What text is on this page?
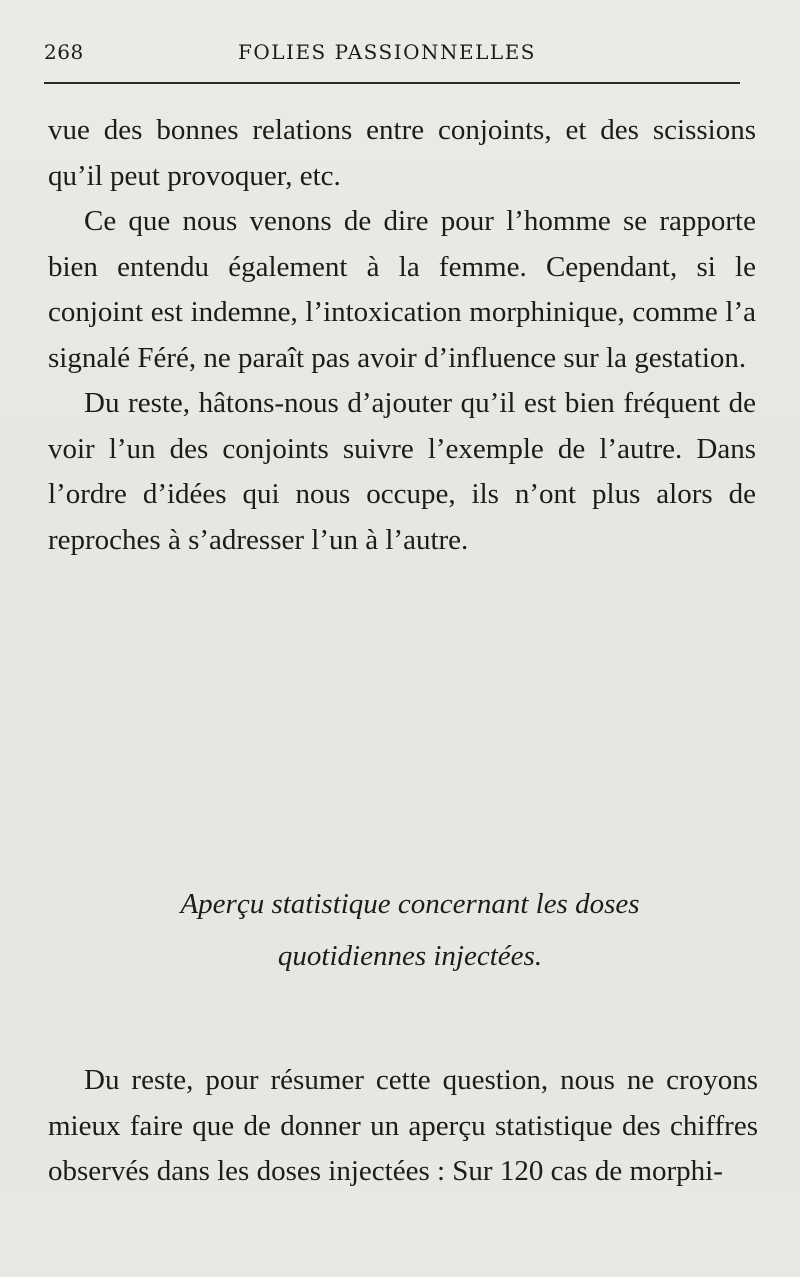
268	FOLIES PASSIONNELLES

vue des bonnes relations entre conjoints, et des scissions qu’il peut provoquer, etc.

Ce que nous venons de dire pour l’homme se rapporte bien entendu également à la femme. Cependant, si le conjoint est indemne, l’intoxication morphinique, comme l’a signalé Féré, ne paraît pas avoir d’influence sur la gestation.

Du reste, hâtons-nous d’ajouter qu’il est bien fréquent de voir l’un des conjoints suivre l’exemple de l’autre. Dans l’ordre d’idées qui nous occupe, ils n’ont plus alors de reproches à s’adresser l’un à l’autre.

Aperçu statistique concernant les doses
quotidiennes injectées.

Du reste, pour résumer cette question, nous ne croyons mieux faire que de donner un aperçu statistique des chiffres observés dans les doses injectées : Sur 120 cas de morphi-
